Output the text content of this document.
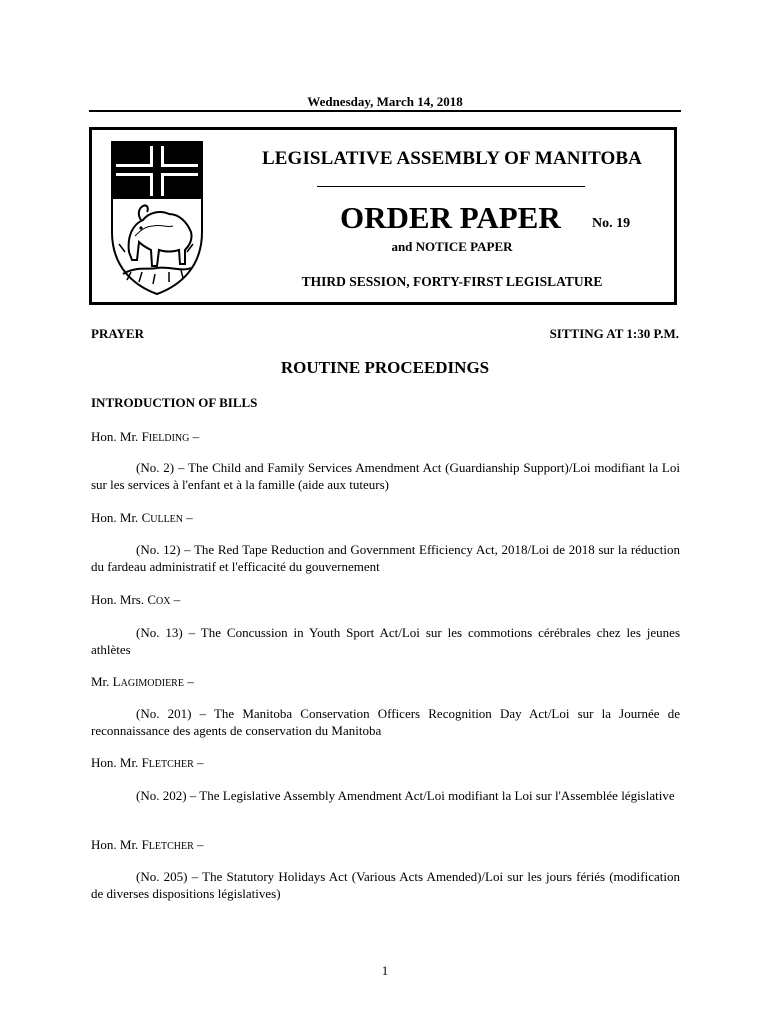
Wednesday, March 14, 2018
LEGISLATIVE ASSEMBLY OF MANITOBA
ORDER PAPER No. 19
and NOTICE PAPER
THIRD SESSION, FORTY-FIRST LEGISLATURE
PRAYER	SITTING AT 1:30 P.M.
ROUTINE PROCEEDINGS
INTRODUCTION OF BILLS
Hon. Mr. FIELDING –
(No. 2) – The Child and Family Services Amendment Act (Guardianship Support)/Loi modifiant la Loi sur les services à l'enfant et à la famille (aide aux tuteurs)
Hon. Mr. CULLEN –
(No. 12) – The Red Tape Reduction and Government Efficiency Act, 2018/Loi de 2018 sur la réduction du fardeau administratif et l'efficacité du gouvernement
Hon. Mrs. COX –
(No. 13) – The Concussion in Youth Sport Act/Loi sur les commotions cérébrales chez les jeunes athlètes
Mr. LAGIMODIERE –
(No. 201) – The Manitoba Conservation Officers Recognition Day Act/Loi sur la Journée de reconnaissance des agents de conservation du Manitoba
Hon. Mr. FLETCHER –
(No. 202) – The Legislative Assembly Amendment Act/Loi modifiant la Loi sur l'Assemblée législative
Hon. Mr. FLETCHER –
(No. 205) – The Statutory Holidays Act (Various Acts Amended)/Loi sur les jours fériés (modification de diverses dispositions législatives)
1
